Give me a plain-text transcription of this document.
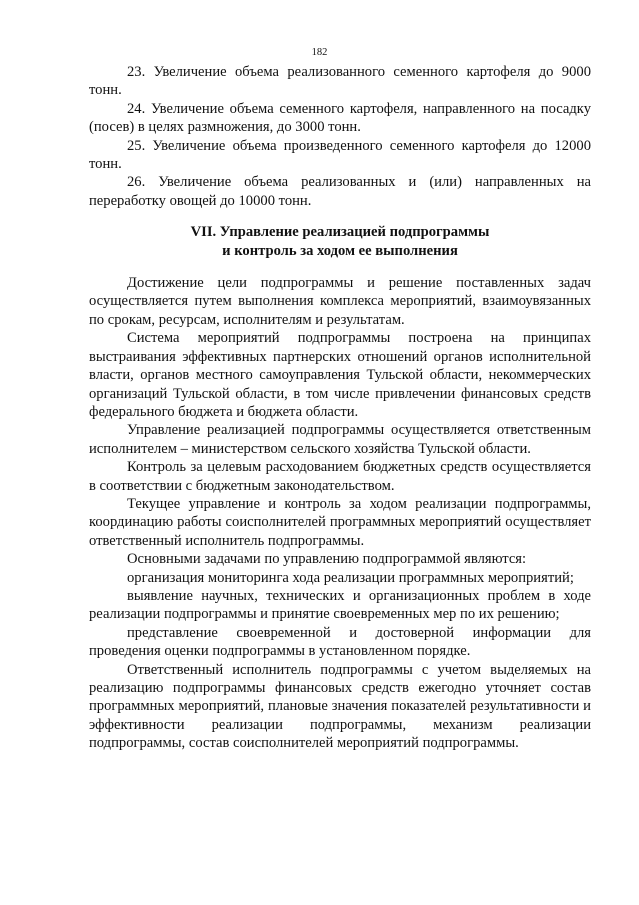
182

23. Увеличение объема реализованного семенного картофеля до 9000 тонн.

24. Увеличение объема семенного картофеля, направленного на посадку (посев) в целях размножения, до 3000 тонн.

25. Увеличение объема произведенного семенного картофеля до 12000 тонн.

26. Увеличение объема реализованных и (или) направленных на переработку овощей до 10000 тонн.

VII. Управление реализацией подпрограммы
и контроль за ходом ее выполнения

Достижение цели подпрограммы и решение поставленных задач осуществляется путем выполнения комплекса мероприятий, взаимоувязанных по срокам, ресурсам, исполнителям и результатам.

Система мероприятий подпрограммы построена на принципах выстраивания эффективных партнерских отношений органов исполнительной власти, органов местного самоуправления Тульской области, некоммерческих организаций Тульской области, в том числе привлечении финансовых средств федерального бюджета и бюджета области.

Управление реализацией подпрограммы осуществляется ответственным исполнителем – министерством сельского хозяйства Тульской области.

Контроль за целевым расходованием бюджетных средств осуществляется в соответствии с бюджетным законодательством.

Текущее управление и контроль за ходом реализации подпрограммы, координацию работы соисполнителей программных мероприятий осуществляет ответственный исполнитель подпрограммы.

Основными задачами по управлению подпрограммой являются:

организация мониторинга хода реализации программных мероприятий;

выявление научных, технических и организационных проблем в ходе реализации подпрограммы и принятие своевременных мер по их решению;

представление своевременной и достоверной информации для проведения оценки подпрограммы в установленном порядке.

Ответственный исполнитель подпрограммы с учетом выделяемых на реализацию подпрограммы финансовых средств ежегодно уточняет состав программных мероприятий, плановые значения показателей результативности и эффективности реализации подпрограммы, механизм реализации подпрограммы, состав соисполнителей мероприятий подпрограммы.
